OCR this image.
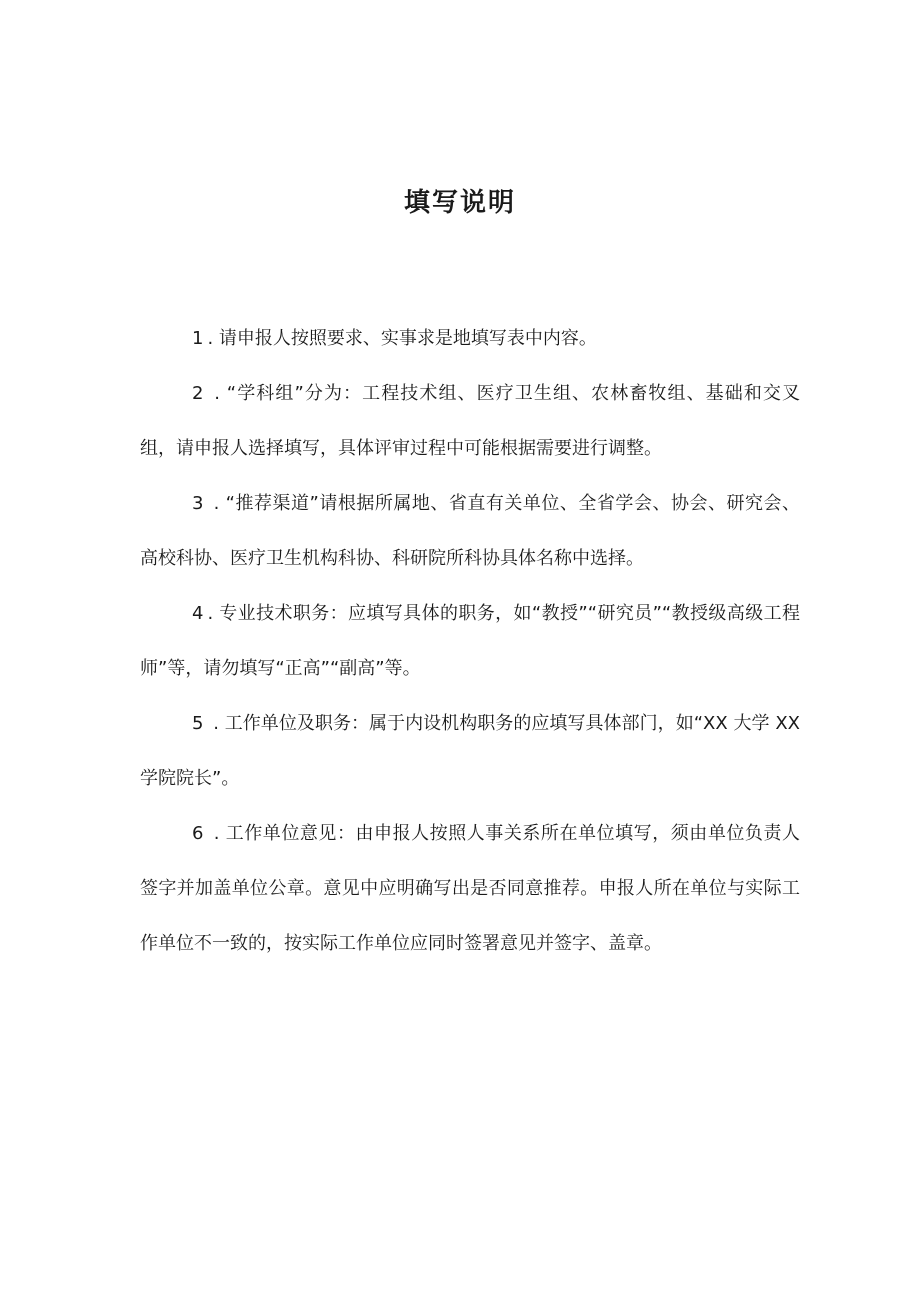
填写说明

1 . 请申报人按照要求、实事求是地填写表中内容。

2 . “学科组”分为：工程技术组、医疗卫生组、农林畜牧组、基础和交叉组，请申报人选择填写，具体评审过程中可能根据需要进行调整。

3 . “推荐渠道”请根据所属地、省直有关单位、全省学会、协会、研究会、高校科协、医疗卫生机构科协、科研院所科协具体名称中选择。

4 . 专业技术职务：应填写具体的职务，如“教授”“研究员”“教授级高级工程师”等，请勿填写“正高”“副高”等。

5 . 工作单位及职务：属于内设机构职务的应填写具体部门，如“XX 大学 XX 学院院长”。

6 . 工作单位意见：由申报人按照人事关系所在单位填写，须由单位负责人签字并加盖单位公章。意见中应明确写出是否同意推荐。申报人所在单位与实际工作单位不一致的，按实际工作单位应同时签署意见并签字、盖章。
